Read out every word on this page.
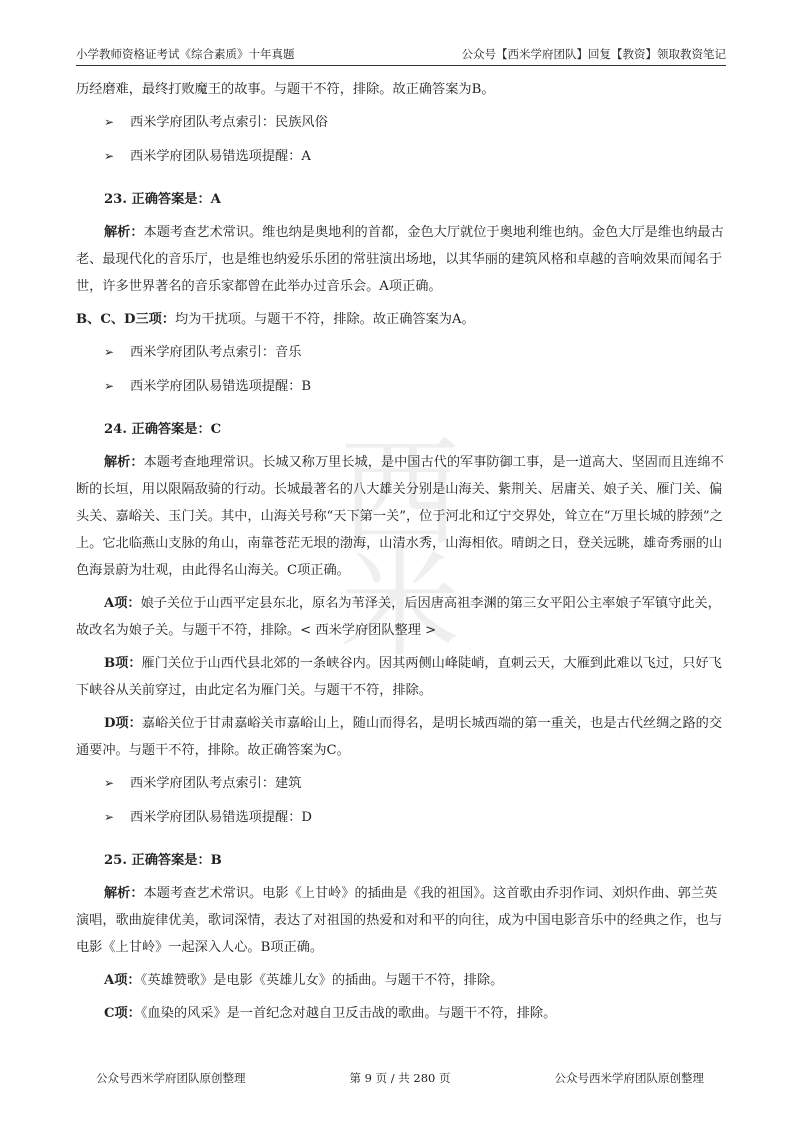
小学教师资格证考试《综合素质》十年真题	公众号【西米学府团队】回复【教资】领取教资笔记
西米

历经磨难，最终打败魔王的故事。与题干不符，排除。故正确答案为B。

➢	西米学府团队考点索引：民族风俗
➢	西米学府团队易错选项提醒：A
23. 正确答案是：A

解析：本题考查艺术常识。维也纳是奥地利的首都，金色大厅就位于奥地利维也纳。金色大厅是维也纳最古老、最现代化的音乐厅，也是维也纳爱乐乐团的常驻演出场地，以其华丽的建筑风格和卓越的音响效果而闻名于世，许多世界著名的音乐家都曾在此举办过音乐会。A项正确。

B、C、D三项：均为干扰项。与题干不符，排除。故正确答案为A。

➢	西米学府团队考点索引：音乐
➢	西米学府团队易错选项提醒：B
24. 正确答案是：C

解析：本题考查地理常识。长城又称万里长城，是中国古代的军事防御工事，是一道高大、坚固而且连绵不断的长垣，用以限隔敌骑的行动。长城最著名的八大雄关分别是山海关、紫荆关、居庸关、娘子关、雁门关、偏头关、嘉峪关、玉门关。其中，山海关号称“天下第一关”，位于河北和辽宁交界处，耸立在“万里长城的脖颈”之上。它北临燕山支脉的角山，南靠苍茫无垠的渤海，山清水秀，山海相依。晴朗之日，登关远眺，雄奇秀丽的山色海景蔚为壮观，由此得名山海关。C项正确。

A项：娘子关位于山西平定县东北，原名为苇泽关，后因唐高祖李渊的第三女平阳公主率娘子军镇守此关，故改名为娘子关。与题干不符，排除。< 西米学府团队整理 >

B项：雁门关位于山西代县北郊的一条峡谷内。因其两侧山峰陡峭，直刺云天，大雁到此难以飞过，只好飞下峡谷从关前穿过，由此定名为雁门关。与题干不符，排除。

D项：嘉峪关位于甘肃嘉峪关市嘉峪山上，随山而得名，是明长城西端的第一重关，也是古代丝绸之路的交通要冲。与题干不符，排除。故正确答案为C。

➢	西米学府团队考点索引：建筑
➢	西米学府团队易错选项提醒：D
25. 正确答案是：B

解析：本题考查艺术常识。电影《上甘岭》的插曲是《我的祖国》。这首歌由乔羽作词、刘炽作曲、郭兰英演唱，歌曲旋律优美，歌词深情，表达了对祖国的热爱和对和平的向往，成为中国电影音乐中的经典之作，也与电影《上甘岭》一起深入人心。B项正确。

A项：《英雄赞歌》是电影《英雄儿女》的插曲。与题干不符，排除。

C项：《血染的风采》是一首纪念对越自卫反击战的歌曲。与题干不符，排除。

公众号西米学府团队原创整理	第 9 页 / 共 280 页	公众号西米学府团队原创整理
